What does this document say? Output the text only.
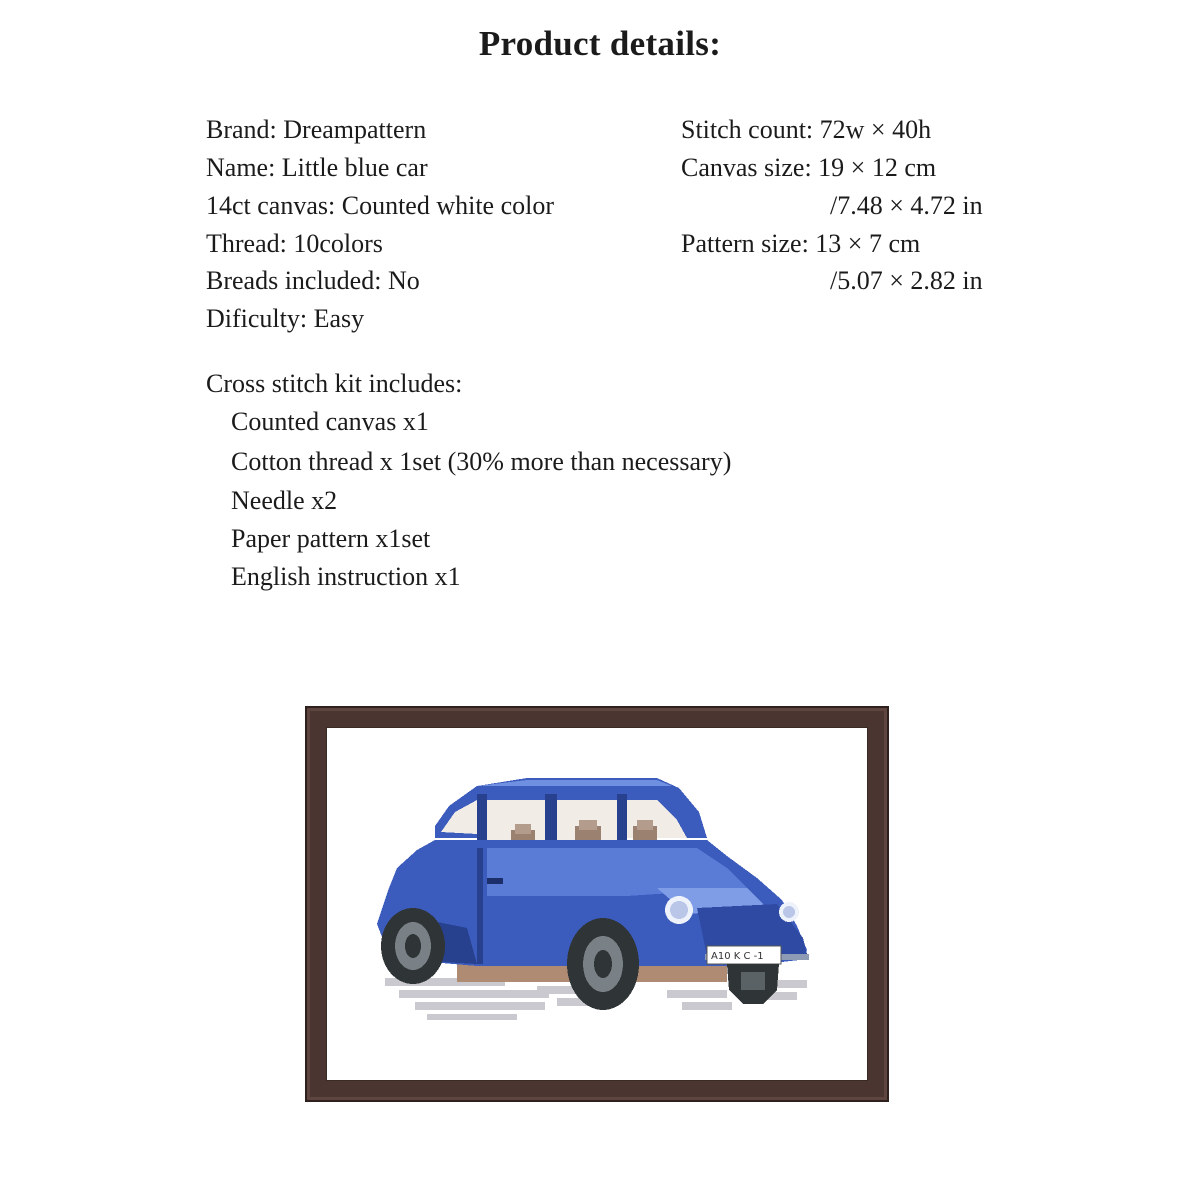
Product details:
Brand: Dreampattern
Name: Little blue car
14ct canvas: Counted white color
Thread: 10colors
Breads included: No
Dificulty: Easy
Stitch count: 72w × 40h
Canvas size: 19 × 12 cm
/7.48 × 4.72 in
Pattern size: 13 × 7 cm
/5.07 × 2.82 in
Cross stitch kit includes:
Counted canvas x1
Cotton thread x 1set (30% more than necessary)
Needle x2
Paper pattern x1set
English instruction x1
A10 K C -1
